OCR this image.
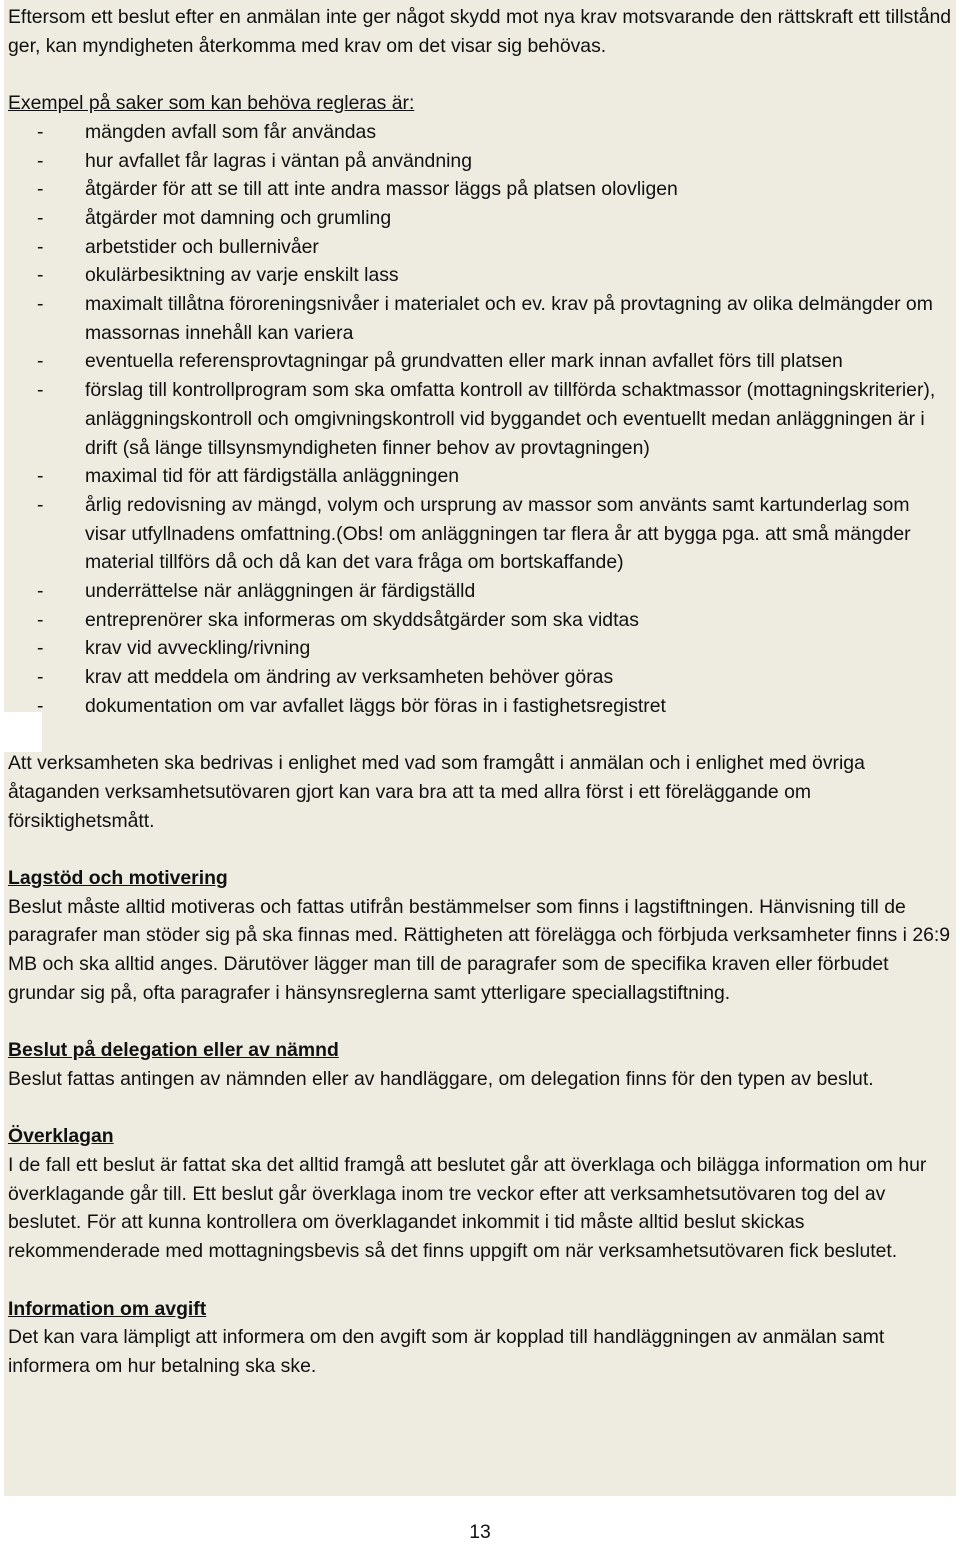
Eftersom ett beslut efter en anmälan inte ger något skydd mot nya krav motsvarande den rättskraft ett tillstånd ger, kan myndigheten återkomma med krav om det visar sig behövas.

Exempel på saker som kan behöva regleras är:

- mängden avfall som får användas
- hur avfallet får lagras i väntan på användning
- åtgärder för att se till att inte andra massor läggs på platsen olovligen
- åtgärder mot damning och grumling
- arbetstider och bullernivåer
- okulärbesiktning av varje enskilt lass
- maximalt tillåtna föroreningsnivåer i materialet och ev. krav på provtagning av olika delmängder om massornas innehåll kan variera
- eventuella referensprovtagningar på grundvatten eller mark innan avfallet förs till platsen
- förslag till kontrollprogram som ska omfatta kontroll av tillförda schaktmassor (mottagningskriterier), anläggningskontroll och omgivningskontroll vid byggandet och eventuellt medan anläggningen är i drift (så länge tillsynsmyndigheten finner behov av provtagningen)
- maximal tid för att färdigställa anläggningen
- årlig redovisning av mängd, volym och ursprung av massor som använts samt kartunderlag som visar utfyllnadens omfattning.(Obs! om anläggningen tar flera år att bygga pga. att små mängder material tillförs då och då kan det vara fråga om bortskaffande)
- underrättelse när anläggningen är färdigställd
- entreprenörer ska informeras om skyddsåtgärder som ska vidtas
- krav vid avveckling/rivning
- krav att meddela om ändring av verksamheten behöver göras
- dokumentation om var avfallet läggs bör föras in i fastighetsregistret

Att verksamheten ska bedrivas i enlighet med vad som framgått i anmälan och i enlighet med övriga åtaganden verksamhetsutövaren gjort kan vara bra att ta med allra först i ett föreläggande om försiktighetsmått.

Lagstöd och motivering

Beslut måste alltid motiveras och fattas utifrån bestämmelser som finns i lagstiftningen. Hänvisning till de paragrafer man stöder sig på ska finnas med. Rättigheten att förelägga och förbjuda verksamheter finns i 26:9 MB och ska alltid anges. Därutöver lägger man till de paragrafer som de specifika kraven eller förbudet grundar sig på, ofta paragrafer i hänsynsreglerna samt ytterligare speciallagstiftning.

Beslut på delegation eller av nämnd

Beslut fattas antingen av nämnden eller av handläggare, om delegation finns för den typen av beslut.

Överklagan

I de fall ett beslut är fattat ska det alltid framgå att beslutet går att överklaga och bilägga information om hur överklagande går till. Ett beslut går överklaga inom tre veckor efter att verksamhetsutövaren tog del av beslutet. För att kunna kontrollera om överklagandet inkommit i tid måste alltid beslut skickas rekommenderade med mottagningsbevis så det finns uppgift om när verksamhetsutövaren fick beslutet.

Information om avgift

Det kan vara lämpligt att informera om den avgift som är kopplad till handläggningen av anmälan samt informera om hur betalning ska ske.

13
